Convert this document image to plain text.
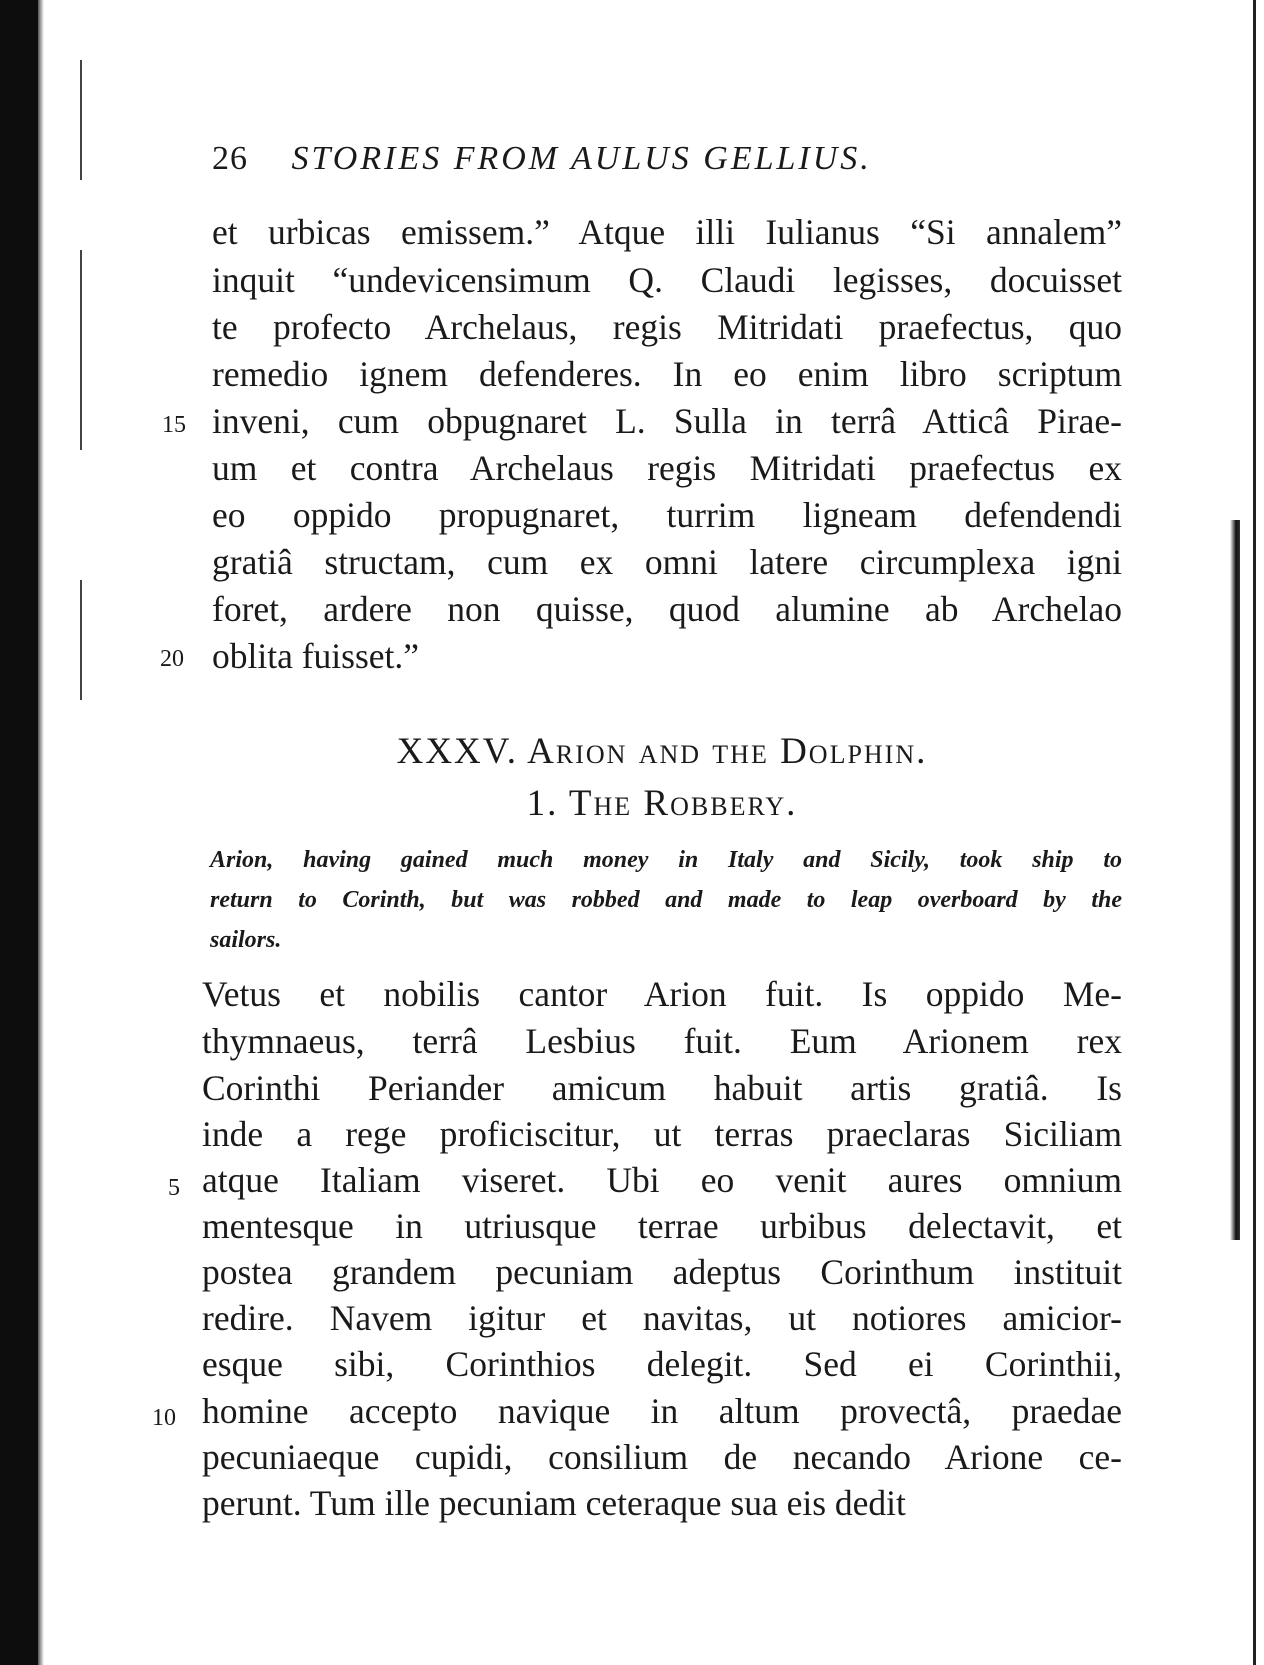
26 STORIES FROM AULUS GELLIUS.
et urbicas emissem.” Atque illi Iulianus “Si annalem”
inquit “undevicensimum Q. Claudi legisses, docuisset
te profecto Archelaus, regis Mitridati praefectus, quo
remedio ignem defenderes. In eo enim libro scriptum
inveni, cum obpugnaret L. Sulla in terrâ Atticâ Pirae-
um et contra Archelaus regis Mitridati praefectus ex
eo oppido propugnaret, turrim ligneam defendendi
gratiâ structam, cum ex omni latere circumplexa igni
foret, ardere non quisse, quod alumine ab Archelao
oblita fuisset.”
15
20
XXXV. Arion and the Dolphin.
1. The Robbery.
Arion, having gained much money in Italy and Sicily, took ship to
return to Corinth, but was robbed and made to leap overboard by the
sailors.
Vetus et nobilis cantor Arion fuit. Is oppido Me-
thymnaeus, terrâ Lesbius fuit. Eum Arionem rex
Corinthi Periander amicum habuit artis gratiâ. Is
inde a rege proficiscitur, ut terras praeclaras Siciliam
atque Italiam viseret. Ubi eo venit aures omnium
mentesque in utriusque terrae urbibus delectavit, et
postea grandem pecuniam adeptus Corinthum instituit
redire. Navem igitur et navitas, ut notiores amicior-
esque sibi, Corinthios delegit. Sed ei Corinthii,
homine accepto navique in altum provectâ, praedae
pecuniaeque cupidi, consilium de necando Arione ce-
perunt. Tum ille pecuniam ceteraque sua eis dedit
5
10
